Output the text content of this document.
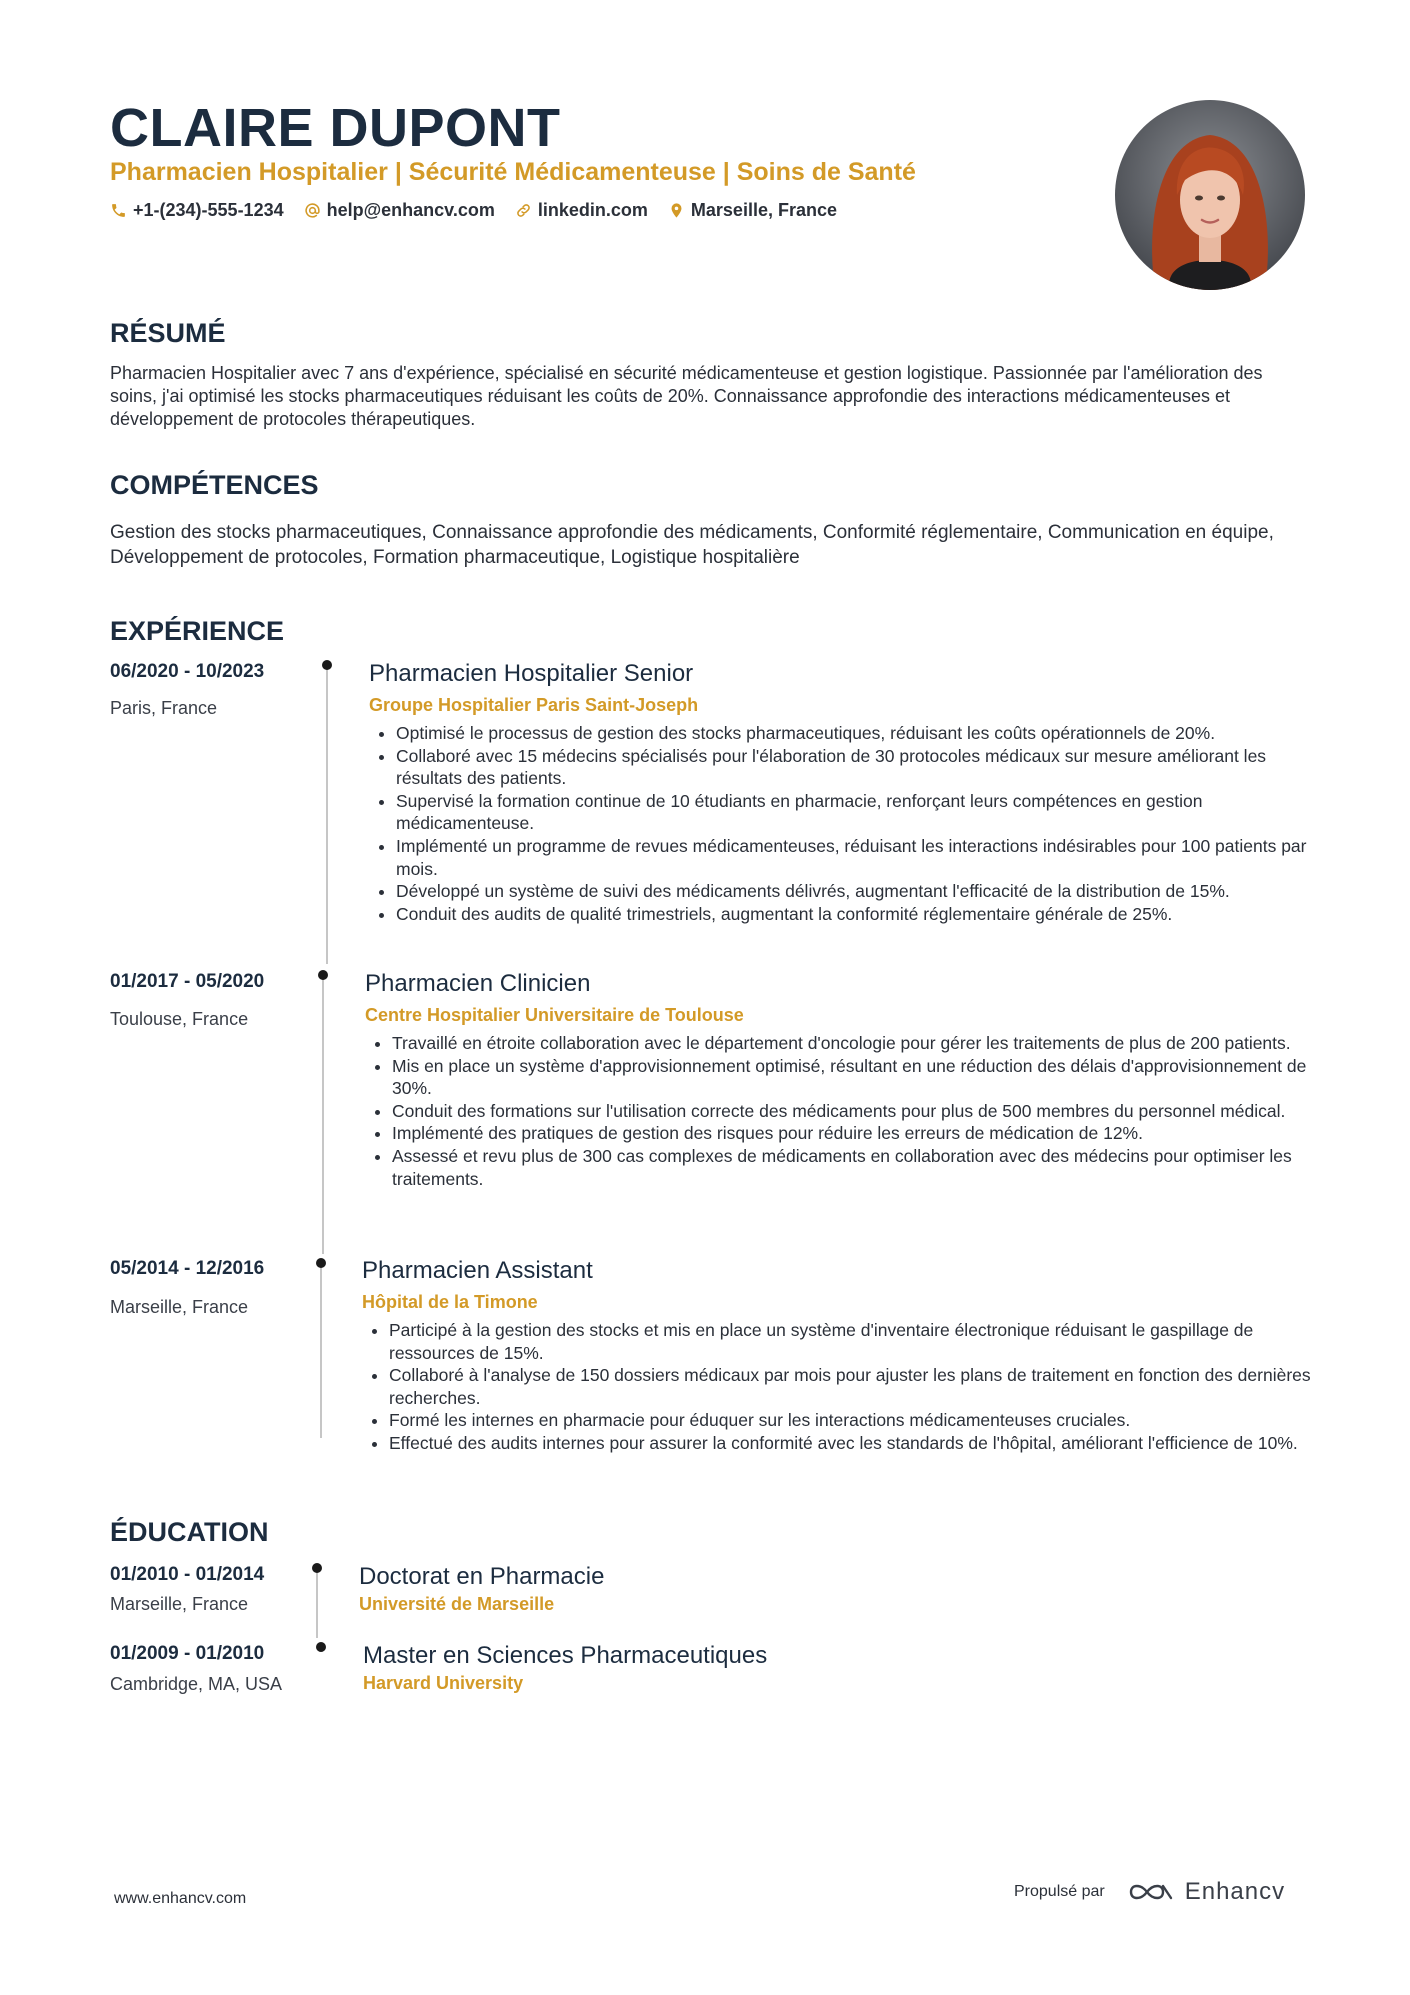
CLAIRE DUPONT
Pharmacien Hospitalier | Sécurité Médicamenteuse | Soins de Santé
+1-(234)-555-1234 help@enhancv.com linkedin.com Marseille, France
RÉSUMÉ
Pharmacien Hospitalier avec 7 ans d'expérience, spécialisé en sécurité médicamenteuse et gestion logistique. Passionnée par l'amélioration des soins, j'ai optimisé les stocks pharmaceutiques réduisant les coûts de 20%. Connaissance approfondie des interactions médicamenteuses et développement de protocoles thérapeutiques.
COMPÉTENCES
Gestion des stocks pharmaceutiques, Connaissance approfondie des médicaments, Conformité réglementaire, Communication en équipe, Développement de protocoles, Formation pharmaceutique, Logistique hospitalière
EXPÉRIENCE
06/2020 - 10/2023
Paris, France
Pharmacien Hospitalier Senior
Groupe Hospitalier Paris Saint-Joseph
• Optimisé le processus de gestion des stocks pharmaceutiques, réduisant les coûts opérationnels de 20%.
• Collaboré avec 15 médecins spécialisés pour l'élaboration de 30 protocoles médicaux sur mesure améliorant les résultats des patients.
• Supervisé la formation continue de 10 étudiants en pharmacie, renforçant leurs compétences en gestion médicamenteuse.
• Implémenté un programme de revues médicamenteuses, réduisant les interactions indésirables pour 100 patients par mois.
• Développé un système de suivi des médicaments délivrés, augmentant l'efficacité de la distribution de 15%.
• Conduit des audits de qualité trimestriels, augmentant la conformité réglementaire générale de 25%.
01/2017 - 05/2020
Toulouse, France
Pharmacien Clinicien
Centre Hospitalier Universitaire de Toulouse
• Travaillé en étroite collaboration avec le département d'oncologie pour gérer les traitements de plus de 200 patients.
• Mis en place un système d'approvisionnement optimisé, résultant en une réduction des délais d'approvisionnement de 30%.
• Conduit des formations sur l'utilisation correcte des médicaments pour plus de 500 membres du personnel médical.
• Implémenté des pratiques de gestion des risques pour réduire les erreurs de médication de 12%.
• Assessé et revu plus de 300 cas complexes de médicaments en collaboration avec des médecins pour optimiser les traitements.
05/2014 - 12/2016
Marseille, France
Pharmacien Assistant
Hôpital de la Timone
• Participé à la gestion des stocks et mis en place un système d'inventaire électronique réduisant le gaspillage de ressources de 15%.
• Collaboré à l'analyse de 150 dossiers médicaux par mois pour ajuster les plans de traitement en fonction des dernières recherches.
• Formé les internes en pharmacie pour éduquer sur les interactions médicamenteuses cruciales.
• Effectué des audits internes pour assurer la conformité avec les standards de l'hôpital, améliorant l'efficience de 10%.
ÉDUCATION
01/2010 - 01/2014
Marseille, France
Doctorat en Pharmacie
Université de Marseille
01/2009 - 01/2010
Cambridge, MA, USA
Master en Sciences Pharmaceutiques
Harvard University
www.enhancv.com	Propulsé par	Enhancv
